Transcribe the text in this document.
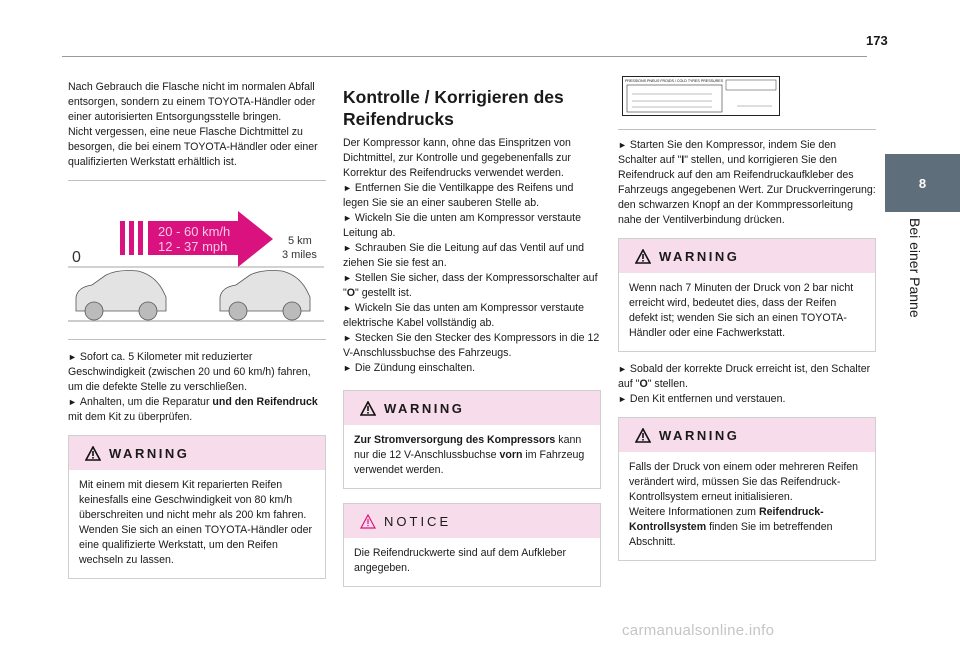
173
8
Bei einer Panne

Nach Gebrauch die Flasche nicht im normalen Abfall entsorgen, sondern zu einem TOYOTA-Händler oder einer autorisierten Entsorgungsstelle bringen.

Nicht vergessen, eine neue Flasche Dichtmittel zu besorgen, die bei einem TOYOTA-Händler oder einer qualifizierten Werkstatt erhältlich ist.

20 - 60 km/h
12 - 37 mph
0
5 km
3 miles

► Sofort ca. 5 Kilometer mit reduzierter Geschwindigkeit (zwischen 20 und 60 km/h) fahren, um die defekte Stelle zu verschließen.

► Anhalten, um die Reparatur und den Reifendruck mit dem Kit zu überprüfen.

WARNING

Mit einem mit diesem Kit reparierten Reifen keinesfalls eine Geschwindigkeit von 80 km/h überschreiten und nicht mehr als 200 km fahren. Wenden Sie sich an einen TOYOTA-Händler oder eine qualifizierte Werkstatt, um den Reifen wechseln zu lassen.

Kontrolle / Korrigieren des Reifendrucks

Der Kompressor kann, ohne das Einspritzen von Dichtmittel, zur Kontrolle und gegebenenfalls zur Korrektur des Reifendrucks verwendet werden.

► Entfernen Sie die Ventilkappe des Reifens und legen Sie sie an einer sauberen Stelle ab.

► Wickeln Sie die unten am Kompressor verstaute Leitung ab.

► Schrauben Sie die Leitung auf das Ventil auf und ziehen Sie sie fest an.

► Stellen Sie sicher, dass der Kompressorschalter auf "O" gestellt ist.

► Wickeln Sie das unten am Kompressor verstaute elektrische Kabel vollständig ab.

► Stecken Sie den Stecker des Kompressors in die 12 V-Anschlussbuchse des Fahrzeugs.

► Die Zündung einschalten.

WARNING

Zur Stromversorgung des Kompressors kann nur die 12 V-Anschlussbuchse vorn im Fahrzeug verwendet werden.

NOTICE

Die Reifendruckwerte sind auf dem Aufkleber angegeben.

PRESSIONS PNEUS FROIDS / COLD TYRES PRESSURES

► Starten Sie den Kompressor, indem Sie den Schalter auf "I" stellen, und korrigieren Sie den Reifendruck auf den am Reifendruckaufkleber des Fahrzeugs angegebenen Wert. Zur Druckverringerung: den schwarzen Knopf an der Kommpressorleitung nahe der Ventilverbindung drücken.

WARNING

Wenn nach 7 Minuten der Druck von 2 bar nicht erreicht wird, bedeutet dies, dass der Reifen defekt ist; wenden Sie sich an einen TOYOTA-Händler oder eine Fachwerkstatt.

► Sobald der korrekte Druck erreicht ist, den Schalter auf "O" stellen.

► Den Kit entfernen und verstauen.

WARNING

Falls der Druck von einem oder mehreren Reifen verändert wird, müssen Sie das Reifendruck-Kontrollsystem erneut initialisieren.

Weitere Informationen zum Reifendruck-Kontrollsystem finden Sie im betreffenden Abschnitt.

carmanualsonline.info
